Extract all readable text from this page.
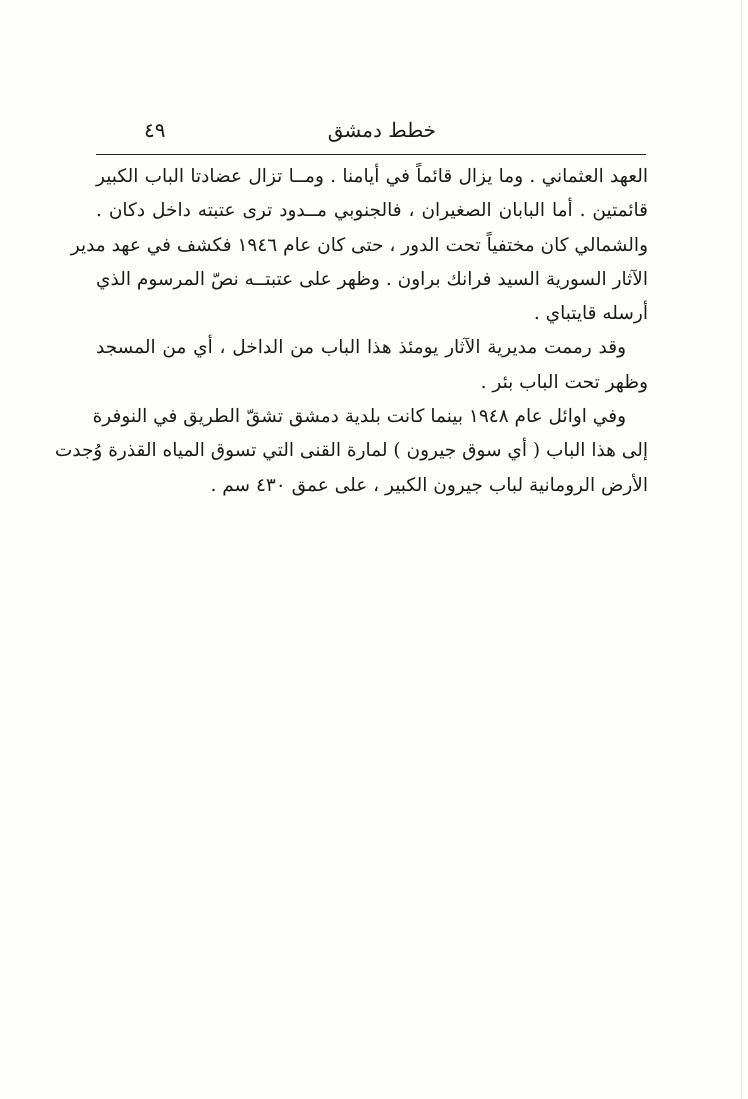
خطط دمشق
٤٩
العهد العثماني . وما يزال قائماً في أيامنا . ومــا تزال عضادتا الباب الكبير
قائمتين . أما البابان الصغيران ، فالجنوبي مــدود ترى عتبته داخل دكان .
والشمالي كان مختفياً تحت الدور ، حتى كان عام ١٩٤٦ فكشف في عهد مدير
الآثار السورية السيد فرانك براون . وظهر على عتبتــه نصّ المرسوم الذي
أرسله قايتباي .
وقد رممت مديرية الآثار يومئذ هذا الباب من الداخل ، أي من المسجد
وظهر تحت الباب بئر .
وفي اوائل عام ١٩٤٨ بينما كانت بلدية دمشق تشقّ الطريق في النوفرة
إلى هذا الباب ( أي سوق جيرون ) لمارة القنى التي تسوق المياه القذرة وُجدت
الأرض الرومانية لباب جيرون الكبير ، على عمق ٤٣٠ سم .
